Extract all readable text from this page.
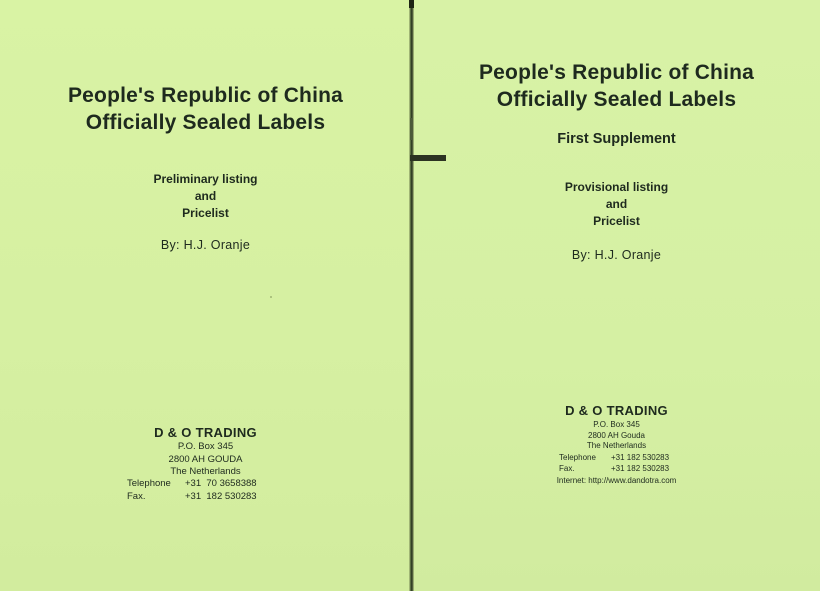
People's Republic of China
Officially Sealed Labels
Preliminary listing
and
Pricelist
By: H.J. Oranje
D & O TRADING
P.O. Box 345
2800 AH GOUDA
The Netherlands
Telephone	+31  70 3658388
Fax.	+31  182 530283
People's Republic of China
Officially Sealed Labels
First Supplement
Provisional listing
and
Pricelist
By: H.J. Oranje
D & O TRADING
P.O. Box 345
2800 AH Gouda
The Netherlands
Telephone	+31 182 530283
Fax.	+31 182 530283
Internet: http://www.dandotra.com
